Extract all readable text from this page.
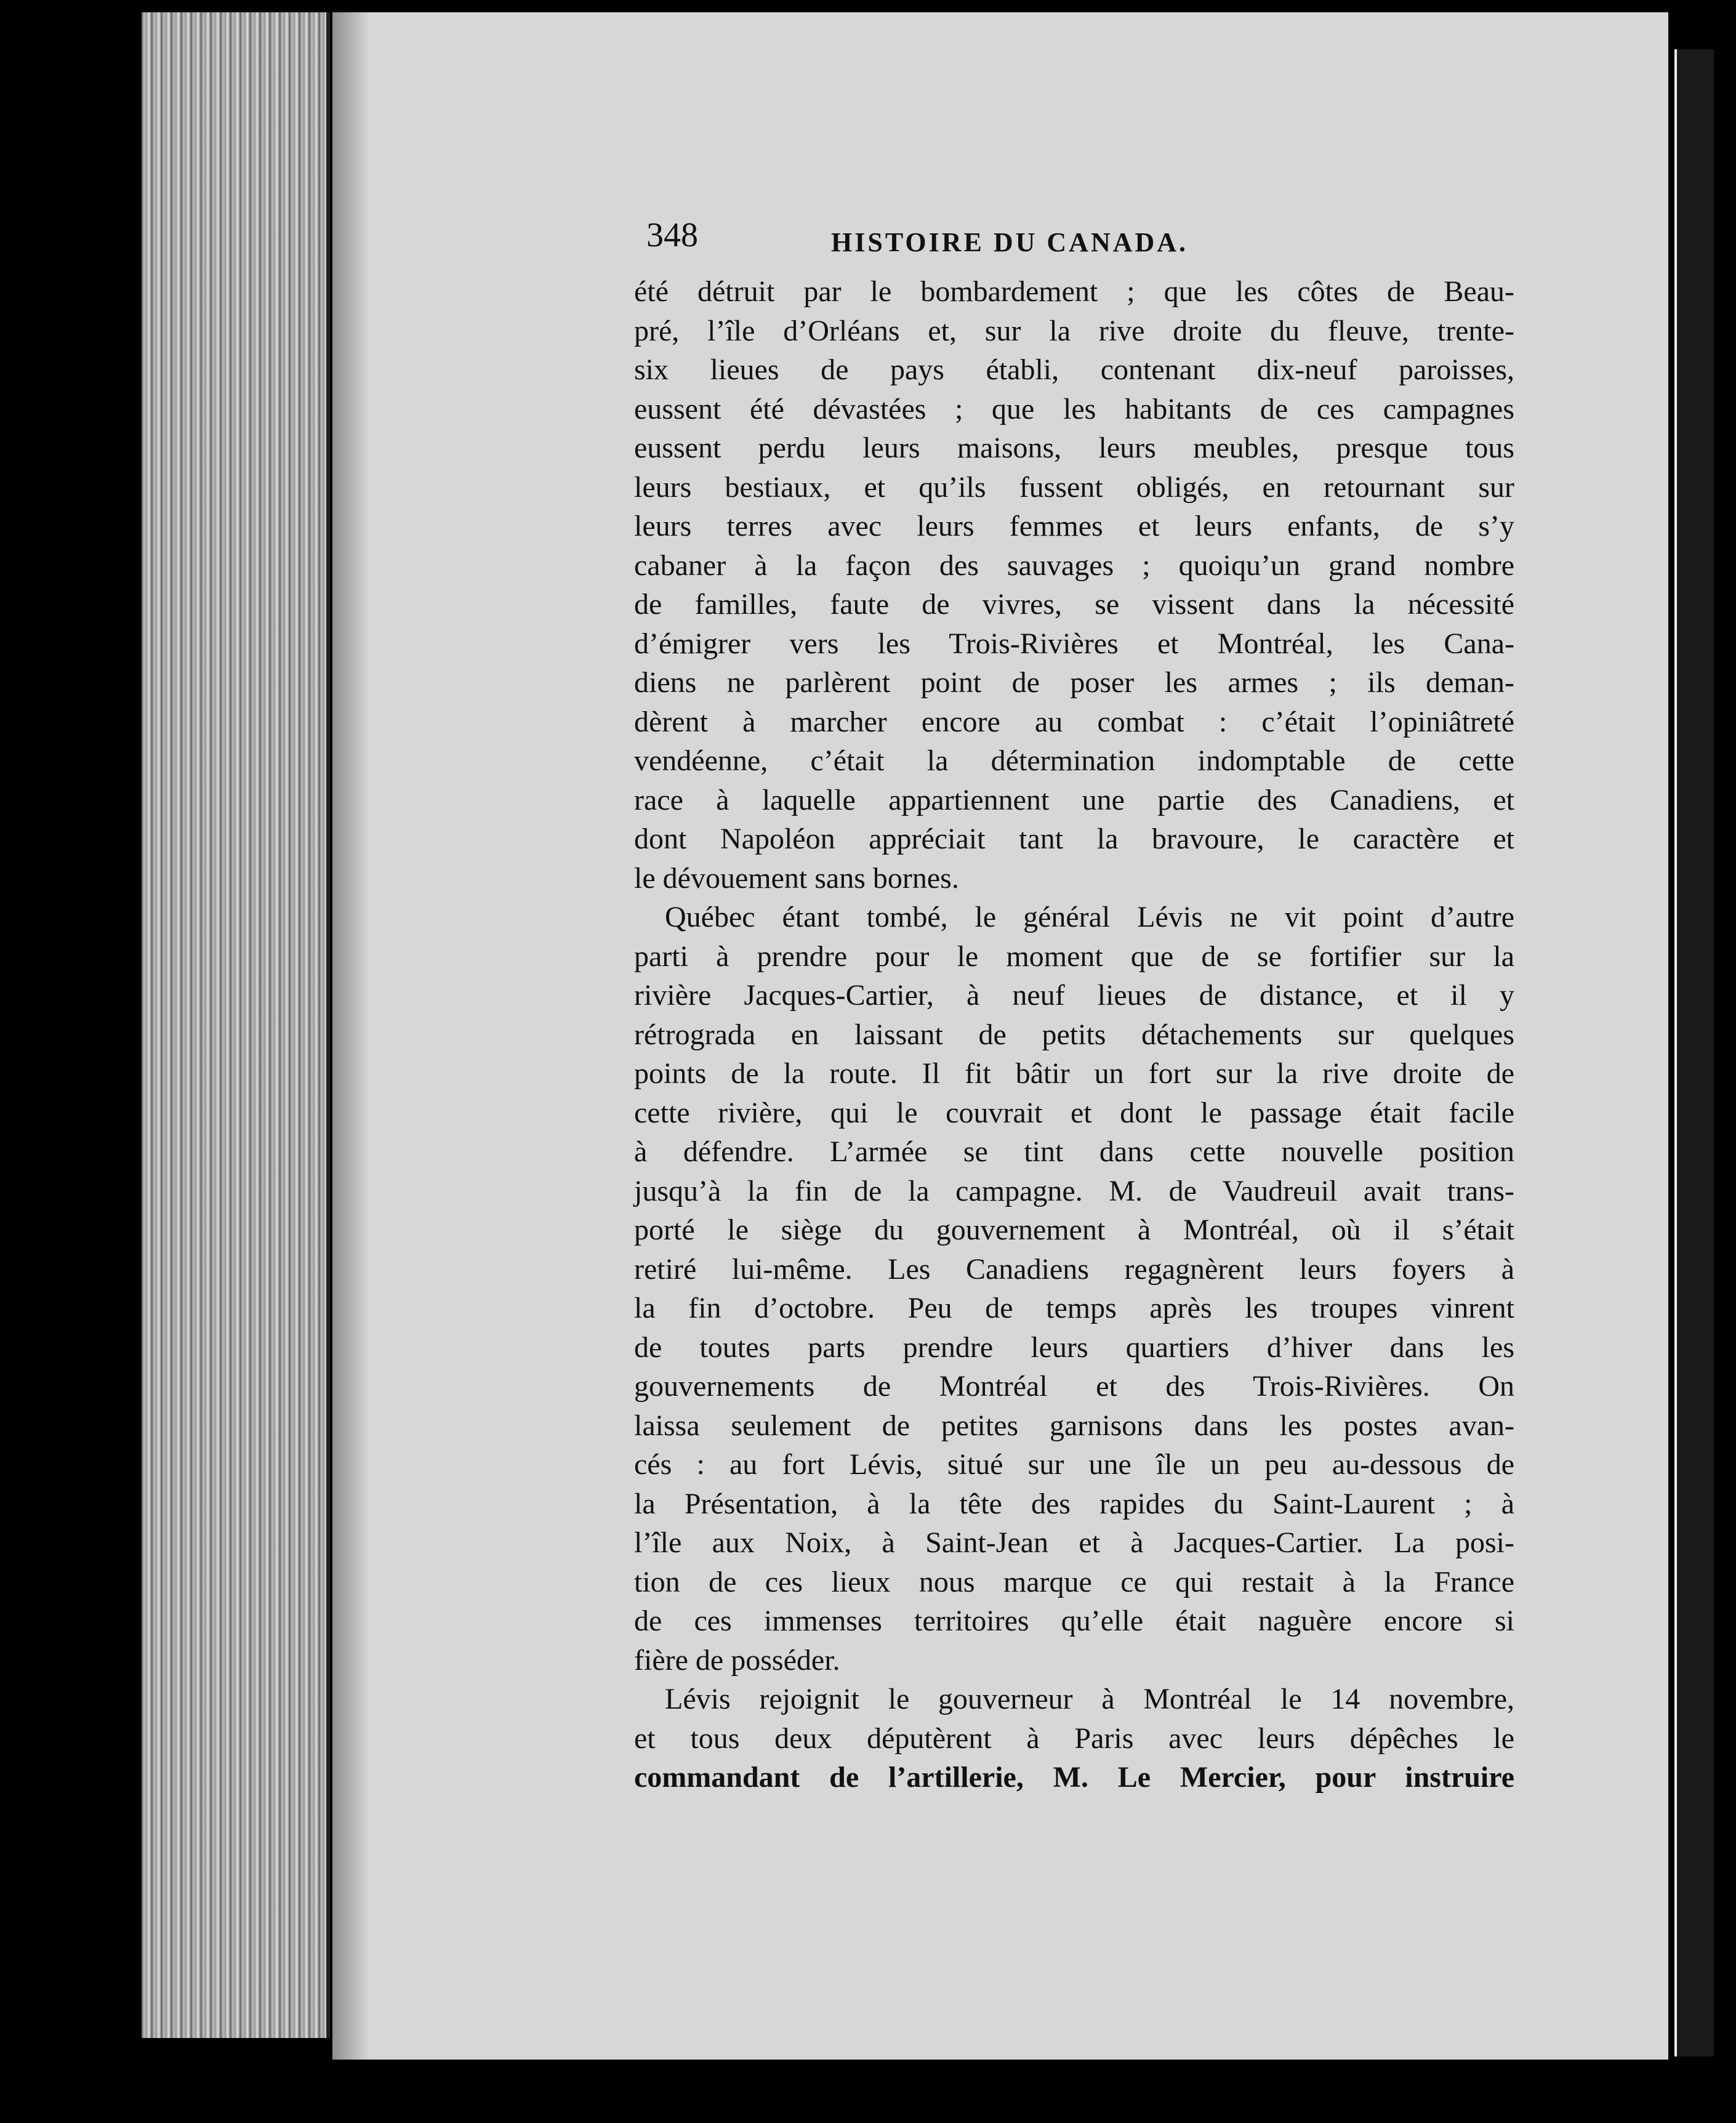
348	HISTOIRE DU CANADA.
été détruit par le bombardement ; que les côtes de Beau-
pré, l’île d’Orléans et, sur la rive droite du fleuve, trente-
six lieues de pays établi, contenant dix-neuf paroisses,
eussent été dévastées ; que les habitants de ces campagnes
eussent perdu leurs maisons, leurs meubles, presque tous
leurs bestiaux, et qu’ils fussent obligés, en retournant sur
leurs terres avec leurs femmes et leurs enfants, de s’y
cabaner à la façon des sauvages ; quoiqu’un grand nombre
de familles, faute de vivres, se vissent dans la nécessité
d’émigrer vers les Trois-Rivières et Montréal, les Cana-
diens ne parlèrent point de poser les armes ; ils deman-
dèrent à marcher encore au combat : c’était l’opiniâtreté
vendéenne, c’était la détermination indomptable de cette
race à laquelle appartiennent une partie des Canadiens, et
dont Napoléon appréciait tant la bravoure, le caractère et
le dévouement sans bornes.
Québec étant tombé, le général Lévis ne vit point d’autre
parti à prendre pour le moment que de se fortifier sur la
rivière Jacques-Cartier, à neuf lieues de distance, et il y
rétrograda en laissant de petits détachements sur quelques
points de la route. Il fit bâtir un fort sur la rive droite de
cette rivière, qui le couvrait et dont le passage était facile
à défendre. L’armée se tint dans cette nouvelle position
jusqu’à la fin de la campagne. M. de Vaudreuil avait trans-
porté le siège du gouvernement à Montréal, où il s’était
retiré lui-même. Les Canadiens regagnèrent leurs foyers à
la fin d’octobre. Peu de temps après les troupes vinrent
de toutes parts prendre leurs quartiers d’hiver dans les
gouvernements de Montréal et des Trois-Rivières. On
laissa seulement de petites garnisons dans les postes avan-
cés : au fort Lévis, situé sur une île un peu au-dessous de
la Présentation, à la tête des rapides du Saint-Laurent ; à
l’île aux Noix, à Saint-Jean et à Jacques-Cartier. La posi-
tion de ces lieux nous marque ce qui restait à la France
de ces immenses territoires qu’elle était naguère encore si
fière de posséder.
Lévis rejoignit le gouverneur à Montréal le 14 novembre,
et tous deux députèrent à Paris avec leurs dépêches le
commandant de l’artillerie, M. Le Mercier, pour instruire
